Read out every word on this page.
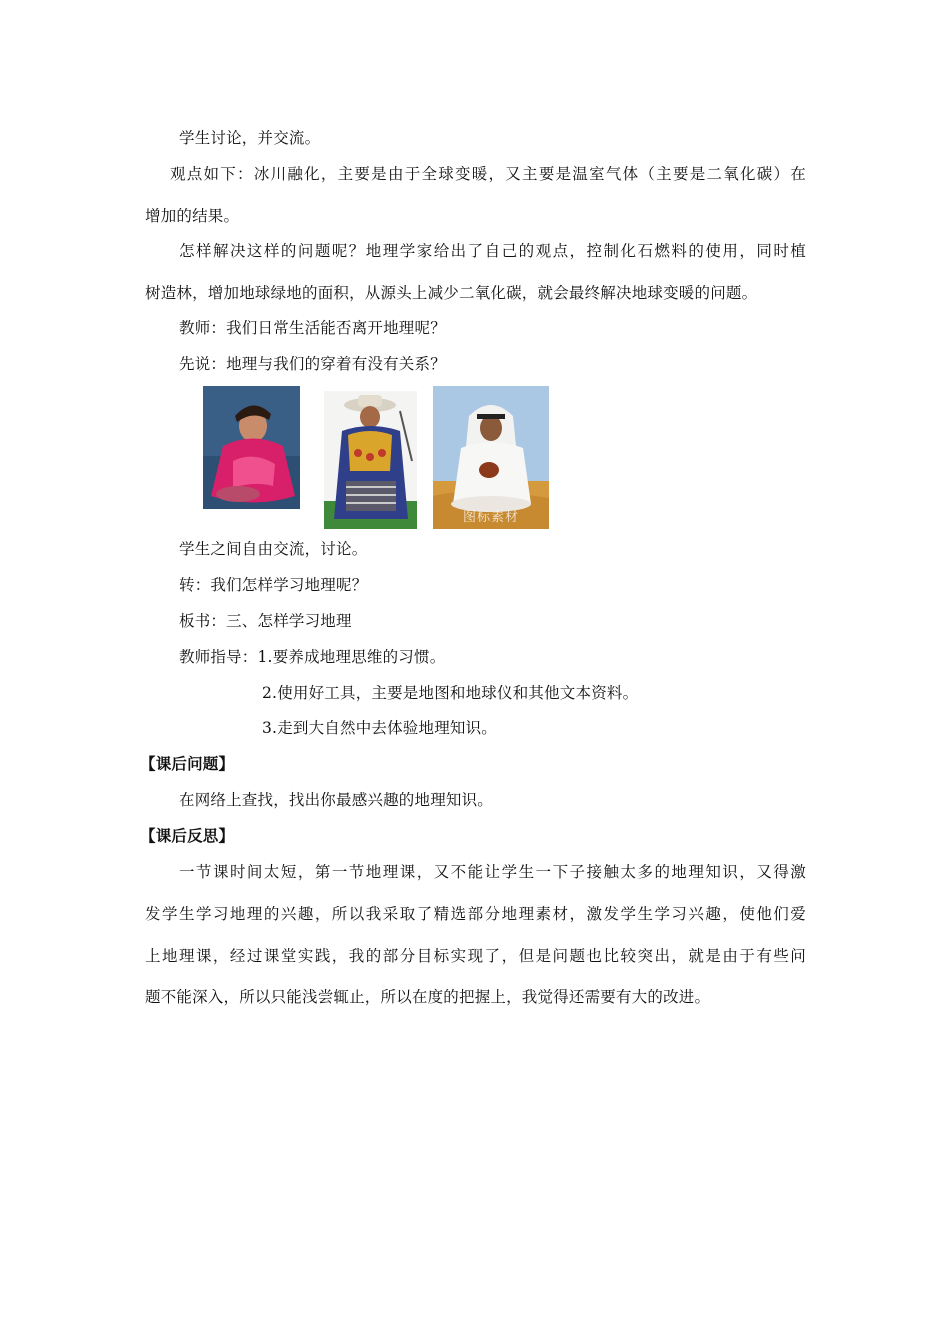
学生讨论，并交流。
观点如下：冰川融化，主要是由于全球变暖，又主要是温室气体（主要是二氧化碳）在
增加的结果。
怎样解决这样的问题呢？地理学家给出了自己的观点，控制化石燃料的使用，同时植
树造林，增加地球绿地的面积，从源头上减少二氧化碳，就会最终解决地球变暖的问题。
教师：我们日常生活能否离开地理呢？
先说：地理与我们的穿着有没有关系？
图标素材
学生之间自由交流，讨论。
转：我们怎样学习地理呢？
板书：三、怎样学习地理
教师指导：1.要养成地理思维的习惯。
2.使用好工具，主要是地图和地球仪和其他文本资料。
3.走到大自然中去体验地理知识。
【课后问题】
在网络上查找，找出你最感兴趣的地理知识。
【课后反思】
一节课时间太短，第一节地理课，又不能让学生一下子接触太多的地理知识，又得激
发学生学习地理的兴趣，所以我采取了精选部分地理素材，激发学生学习兴趣，使他们爱
上地理课，经过课堂实践，我的部分目标实现了，但是问题也比较突出，就是由于有些问
题不能深入，所以只能浅尝辄止，所以在度的把握上，我觉得还需要有大的改进。
